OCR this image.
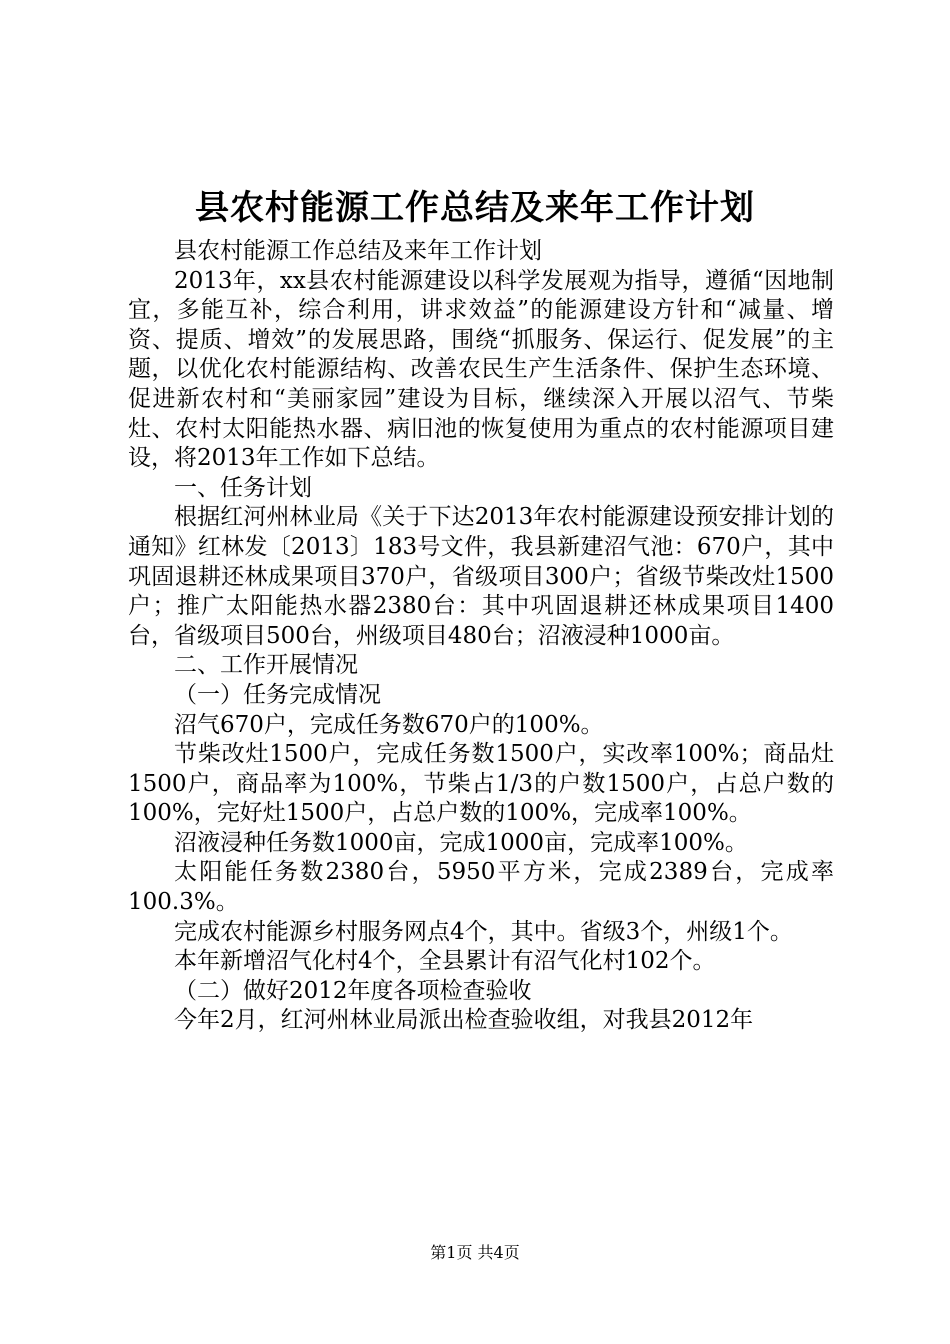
县农村能源工作总结及来年工作计划

县农村能源工作总结及来年工作计划

2013年，xx县农村能源建设以科学发展观为指导，遵循“因地制宜，多能互补，综合利用，讲求效益”的能源建设方针和“减量、增资、提质、增效”的发展思路，围绕“抓服务、保运行、促发展”的主题，以优化农村能源结构、改善农民生产生活条件、保护生态环境、促进新农村和“美丽家园”建设为目标，继续深入开展以沼气、节柴灶、农村太阳能热水器、病旧池的恢复使用为重点的农村能源项目建设，将2013年工作如下总结。

一、任务计划

根据红河州林业局《关于下达2013年农村能源建设预安排计划的通知》红林发〔2013〕183号文件，我县新建沼气池：670户，其中巩固退耕还林成果项目370户，省级项目300户；省级节柴改灶1500户；推广太阳能热水器2380台：其中巩固退耕还林成果项目1400台，省级项目500台，州级项目480台；沼液浸种1000亩。

二、工作开展情况

（一）任务完成情况

沼气670户，完成任务数670户的100%。

节柴改灶1500户，完成任务数1500户，实改率100%；商品灶1500户，商品率为100%，节柴占1/3的户数1500户，占总户数的100%，完好灶1500户，占总户数的100%，完成率100%。

沼液浸种任务数1000亩，完成1000亩，完成率100%。

太阳能任务数2380台，5950平方米，完成2389台，完成率100.3%。

完成农村能源乡村服务网点4个，其中。省级3个，州级1个。

本年新增沼气化村4个，全县累计有沼气化村102个。

（二）做好2012年度各项检查验收

今年2月，红河州林业局派出检查验收组，对我县2012年

第1页 共4页
